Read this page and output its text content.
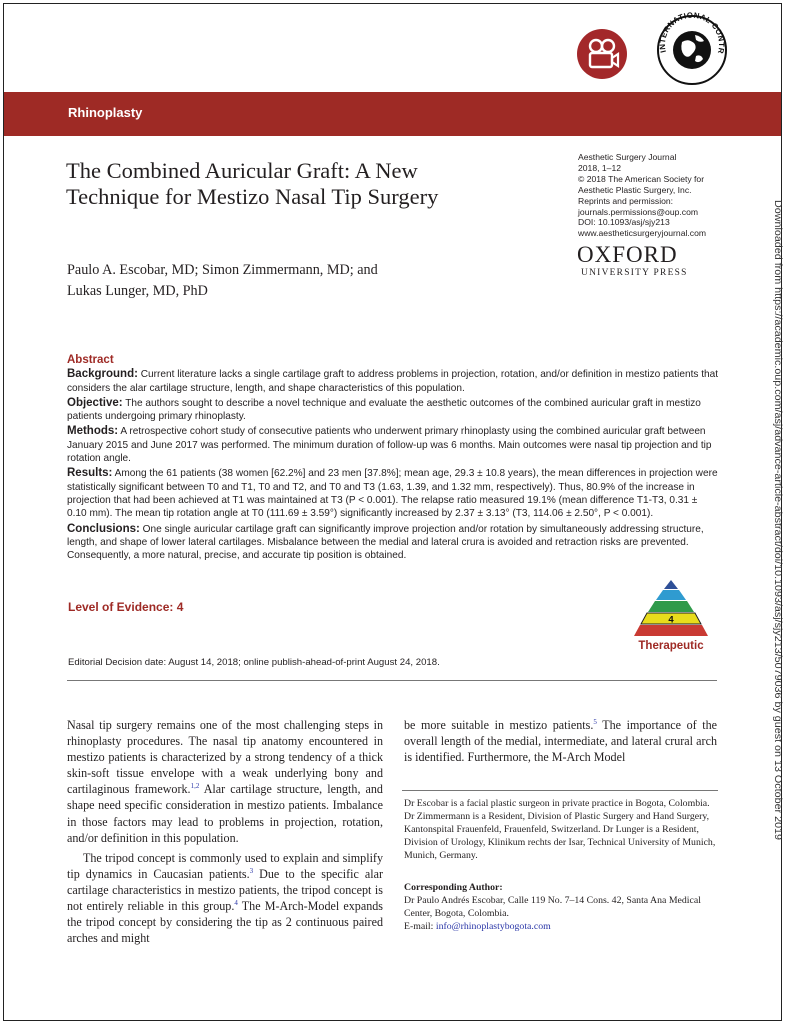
INTERNATIONAL CONTR
Rhinoplasty
The Combined Auricular Graft: A New
Technique for Mestizo Nasal Tip Surgery
Aesthetic Surgery Journal
2018, 1–12
© 2018 The American Society for
Aesthetic Plastic Surgery, Inc.
Reprints and permission:
journals.permissions@oup.com
DOI: 10.1093/asj/sjy213
www.aestheticsurgeryjournal.com
OXFORD
UNIVERSITY PRESS
Paulo A. Escobar, MD; Simon Zimmermann, MD; and
Lukas Lunger, MD, PhD
Abstract

Background: Current literature lacks a single cartilage graft to address problems in projection, rotation, and/or definition in mestizo patients that considers the alar cartilage structure, length, and shape characteristics of this population.

Objective: The authors sought to describe a novel technique and evaluate the aesthetic outcomes of the combined auricular graft in mestizo patients undergoing primary rhinoplasty.

Methods: A retrospective cohort study of consecutive patients who underwent primary rhinoplasty using the combined auricular graft between January 2015 and June 2017 was performed. The minimum duration of follow-up was 6 months. Main outcomes were nasal tip projection and tip rotation angle.

Results: Among the 61 patients (38 women [62.2%] and 23 men [37.8%]; mean age, 29.3 ± 10.8 years), the mean differences in projection were statistically significant between T0 and T1, T0 and T2, and T0 and T3 (1.63, 1.39, and 1.32 mm, respectively). Thus, 80.9% of the increase in projection that had been achieved at T1 was maintained at T3 (P < 0.001). The relapse ratio measured 19.1% (mean difference T1-T3, 0.31 ± 0.10 mm). The mean tip rotation angle at T0 (111.69 ± 3.59°) significantly increased by 2.37 ± 3.13° (T3, 114.06 ± 2.50°, P < 0.001).

Conclusions: One single auricular cartilage graft can significantly improve projection and/or rotation by simultaneously addressing structure, length, and shape of lower lateral cartilages. Misbalance between the medial and lateral crura is avoided and retraction risks are prevented. Consequently, a more natural, precise, and accurate tip position is obtained.

Level of Evidence: 4
4
Therapeutic
Editorial Decision date: August 14, 2018; online publish-ahead-of-print August 24, 2018.

Nasal tip surgery remains one of the most challenging steps in rhinoplasty procedures. The nasal tip anatomy encountered in mestizo patients is characterized by a strong tendency of a thick skin-soft tissue envelope with a weak underlying bony and cartilaginous framework.$^{1,2}$ Alar cartilage structure, length, and shape need specific consideration in mestizo patients. Imbalance in those factors may lead to problems in projection, rotation, and/or definition in this population.

The tripod concept is commonly used to explain and simplify tip dynamics in Caucasian patients.$^3$ Due to the specific alar cartilage characteristics in mestizo patients, the tripod concept is not entirely reliable in this group.$^4$ The M-Arch-Model expands the tripod concept by considering the tip as 2 continuous paired arches and might

be more suitable in mestizo patients.$^5$ The importance of the overall length of the medial, intermediate, and lateral crural arch is identified. Furthermore, the M-Arch Model

Dr Escobar is a facial plastic surgeon in private practice in Bogota, Colombia. Dr Zimmermann is a Resident, Division of Plastic Surgery and Hand Surgery, Kantonspital Frauenfeld, Frauenfeld, Switzerland. Dr Lunger is a Resident, Division of Urology, Klinikum rechts der Isar, Technical University of Munich, Munich, Germany.
Corresponding Author:
Dr Paulo Andrés Escobar, Calle 119 No. 7–14 Cons. 42, Santa Ana Medical Center, Bogota, Colombia.
E-mail: info@rhinoplastybogota.com
Downloaded from https://academic.oup.com/asj/advance-article-abstract/doi/10.1093/asj/sjy213/5079036 by guest on 13 October 2019
